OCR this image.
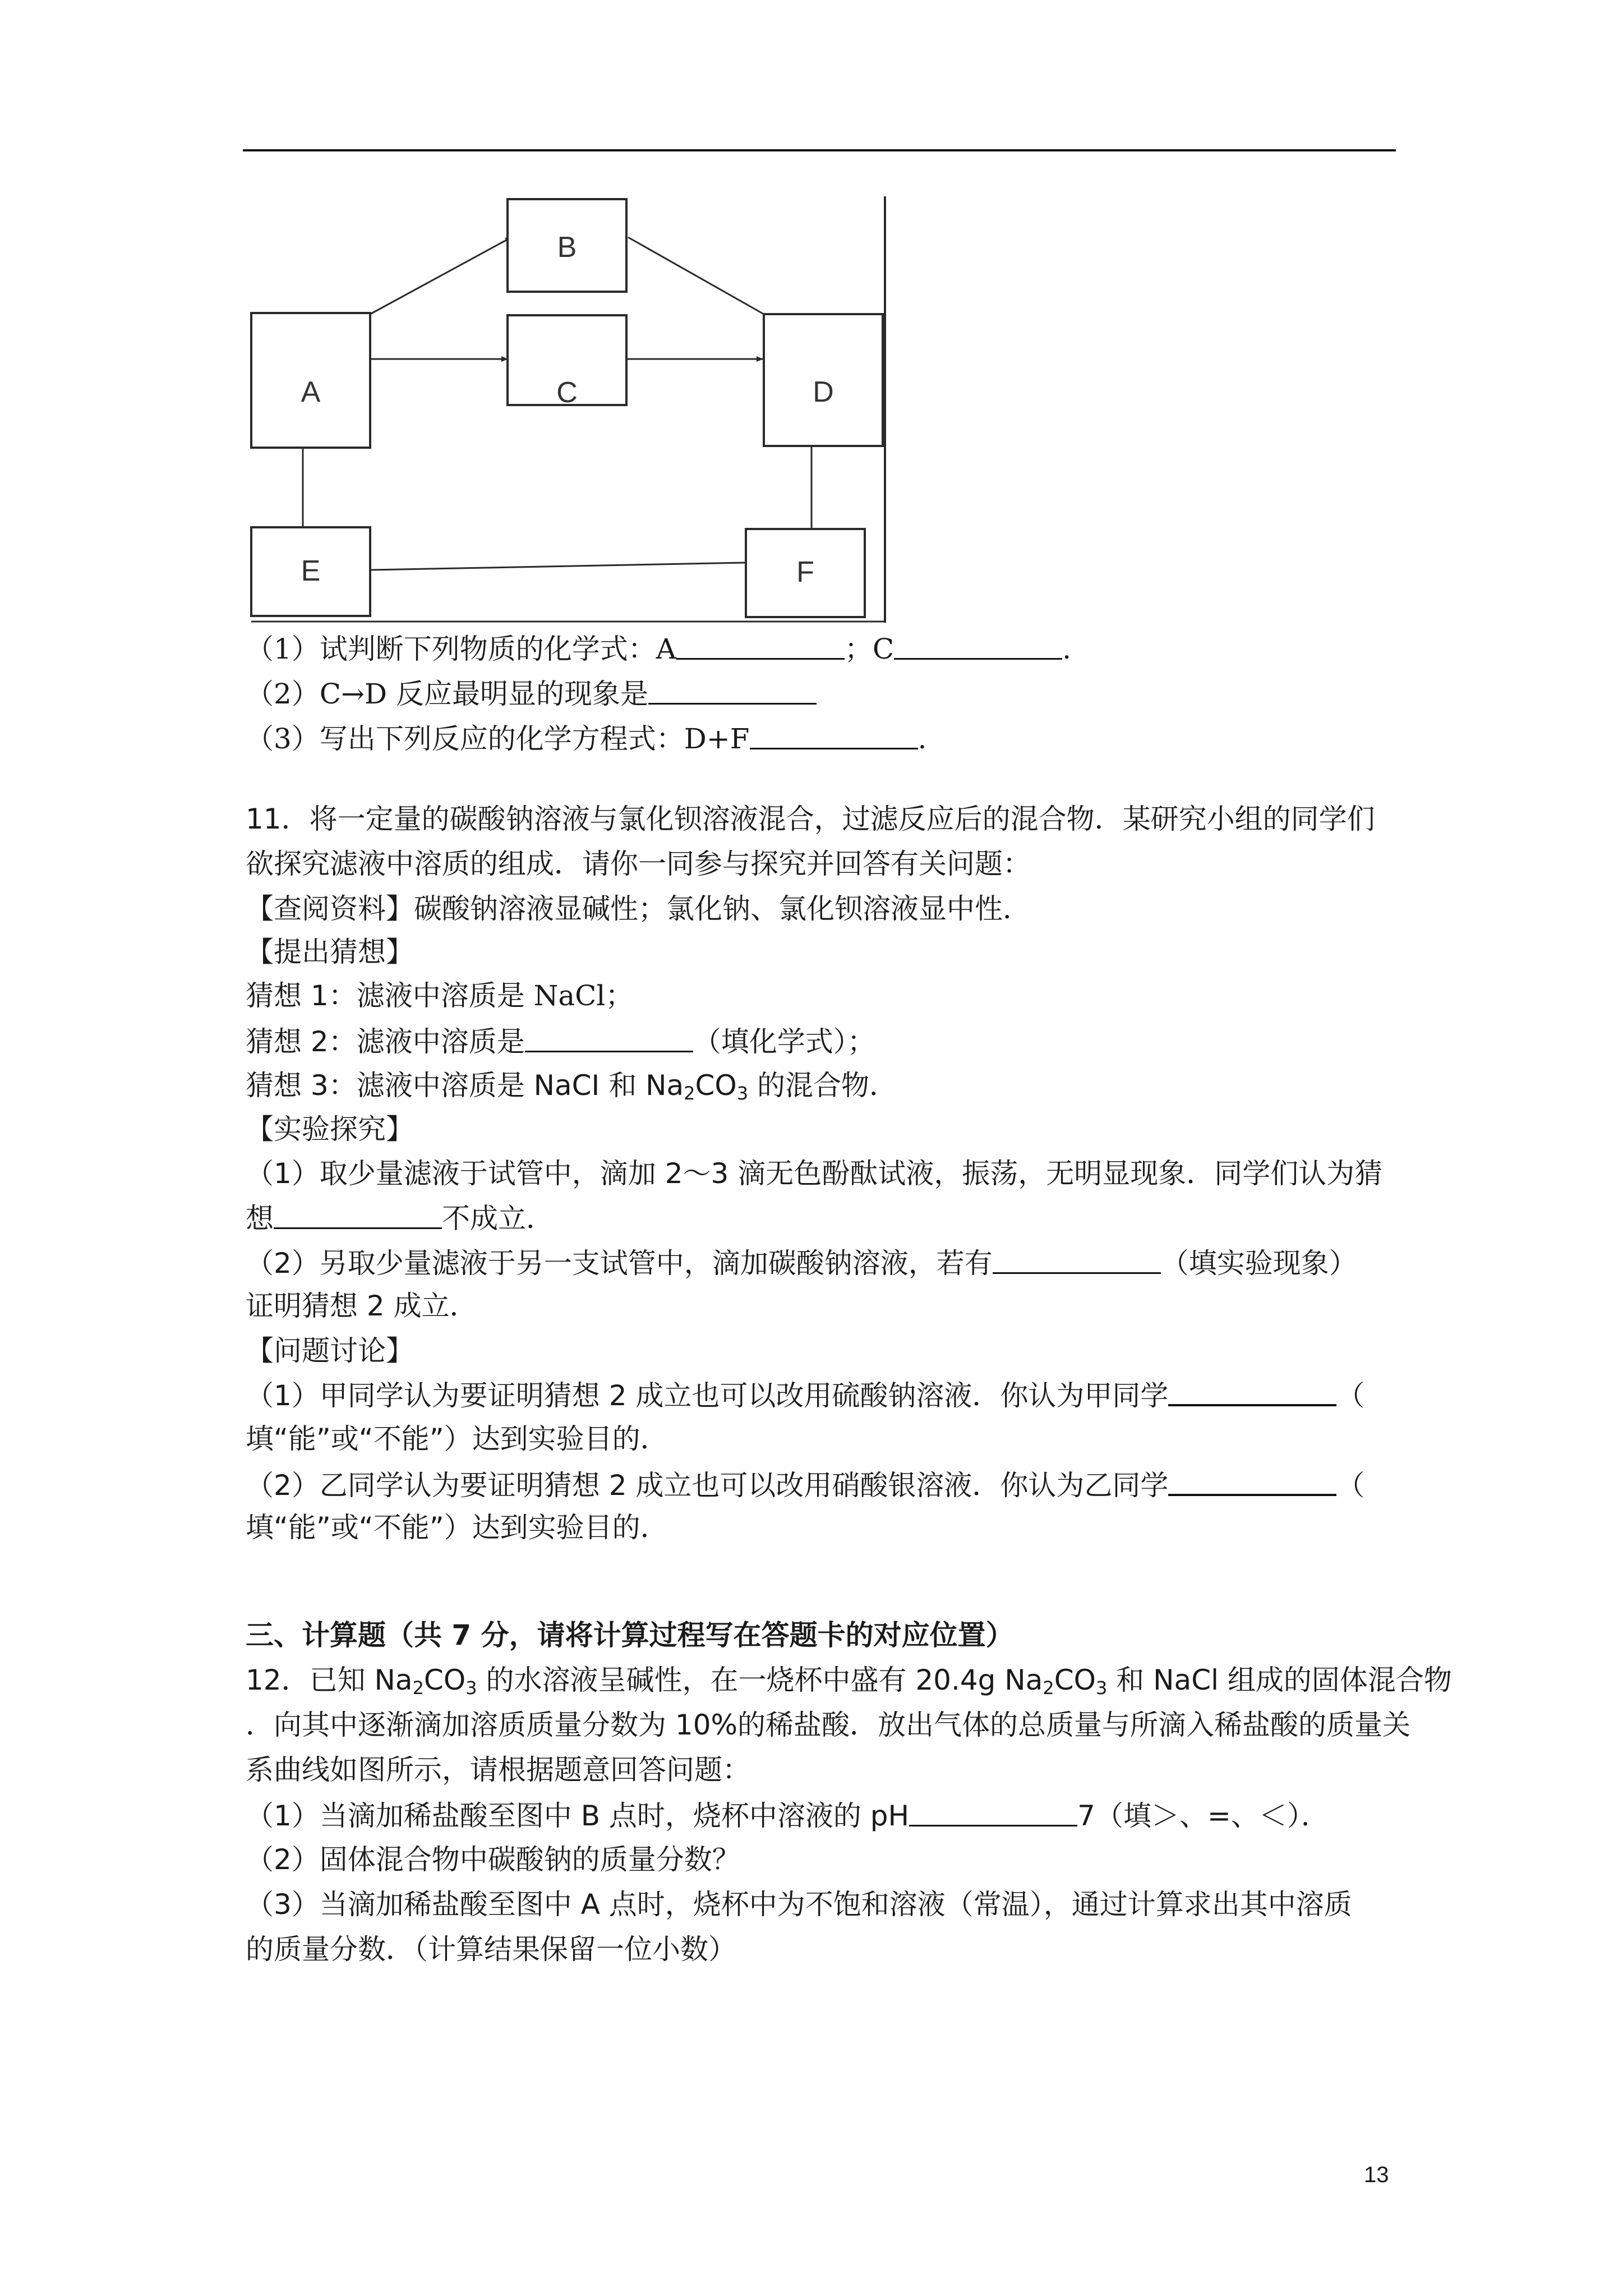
B
A	C	D
E	F
（1）试判断下列物质的化学式：A	；C	.
（2）C→D 反应最明显的现象是
（3）写出下列反应的化学方程式：D+F	.
11．将一定量的碳酸钠溶液与氯化钡溶液混合，过滤反应后的混合物．某研究小组的同学们
欲探究滤液中溶质的组成．请你一同参与探究并回答有关问题：
【查阅资料】碳酸钠溶液显碱性；氯化钠、氯化钡溶液显中性．
【提出猜想】
猜想 1：滤液中溶质是 NaCl；
猜想 2：滤液中溶质是	（填化学式）；
猜想 3：滤液中溶质是 NaCI 和 $Na_2CO_3$ 的混合物．
【实验探究】
（1）取少量滤液于试管中，滴加 2～3 滴无色酚酞试液，振荡，无明显现象．同学们认为猜
想	不成立．
（2）另取少量滤液于另一支试管中，滴加碳酸钠溶液，若有	（填实验现象）
证明猜想 2 成立．
【问题讨论】
（1）甲同学认为要证明猜想 2 成立也可以改用硫酸钠溶液．你认为甲同学	（
填“能”或“不能”）达到实验目的．
（2）乙同学认为要证明猜想 2 成立也可以改用硝酸银溶液．你认为乙同学	（
填“能”或“不能”）达到实验目的．
三、计算题（共 7 分，请将计算过程写在答题卡的对应位置）
12．已知 $Na_2CO_3$ 的水溶液呈碱性，在一烧杯中盛有 20.4g $Na_2CO_3$ 和 NaCl 组成的固体混合物
．向其中逐渐滴加溶质质量分数为 10%的稀盐酸．放出气体的总质量与所滴入稀盐酸的质量关
系曲线如图所示，请根据题意回答问题：
（1）当滴加稀盐酸至图中 B 点时，烧杯中溶液的 pH	7（填＞、=、＜）．
（2）固体混合物中碳酸钠的质量分数？
（3）当滴加稀盐酸至图中 A 点时，烧杯中为不饱和溶液（常温），通过计算求出其中溶质
的质量分数．（计算结果保留一位小数）
13
